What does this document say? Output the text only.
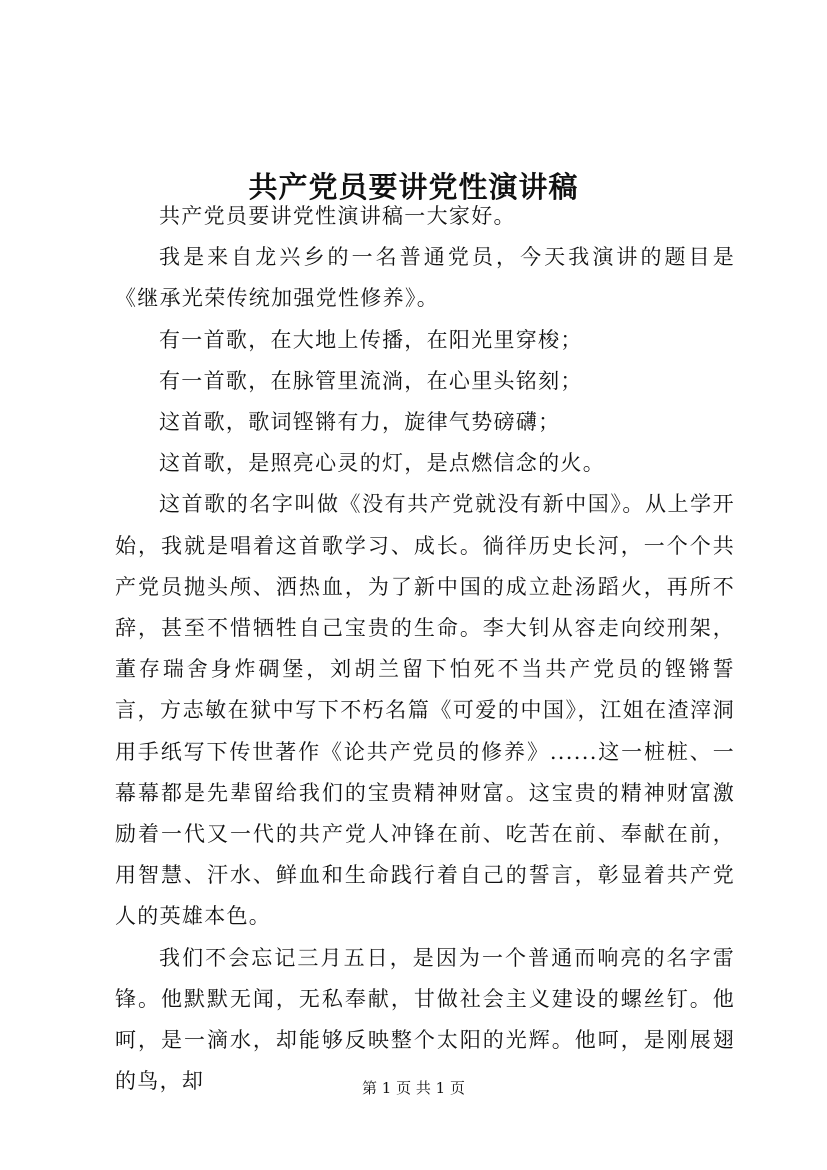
共产党员要讲党性演讲稿

共产党员要讲党性演讲稿一大家好。

我是来自龙兴乡的一名普通党员，今天我演讲的题目是《继承光荣传统加强党性修养》。

有一首歌，在大地上传播，在阳光里穿梭；

有一首歌，在脉管里流淌，在心里头铭刻；

这首歌，歌词铿锵有力，旋律气势磅礴；

这首歌，是照亮心灵的灯，是点燃信念的火。

这首歌的名字叫做《没有共产党就没有新中国》。从上学开始，我就是唱着这首歌学习、成长。徜徉历史长河，一个个共产党员抛头颅、洒热血，为了新中国的成立赴汤蹈火，再所不辞，甚至不惜牺牲自己宝贵的生命。李大钊从容走向绞刑架，董存瑞舍身炸碉堡，刘胡兰留下怕死不当共产党员的铿锵誓言，方志敏在狱中写下不朽名篇《可爱的中国》，江姐在渣滓洞用手纸写下传世著作《论共产党员的修养》......这一桩桩、一幕幕都是先辈留给我们的宝贵精神财富。这宝贵的精神财富激励着一代又一代的共产党人冲锋在前、吃苦在前、奉献在前，用智慧、汗水、鲜血和生命践行着自己的誓言，彰显着共产党人的英雄本色。

我们不会忘记三月五日，是因为一个普通而响亮的名字雷锋。他默默无闻，无私奉献，甘做社会主义建设的螺丝钉。他呵，是一滴水，却能够反映整个太阳的光辉。他呵，是刚展翅的鸟，却	第 1 页 共 1 页
